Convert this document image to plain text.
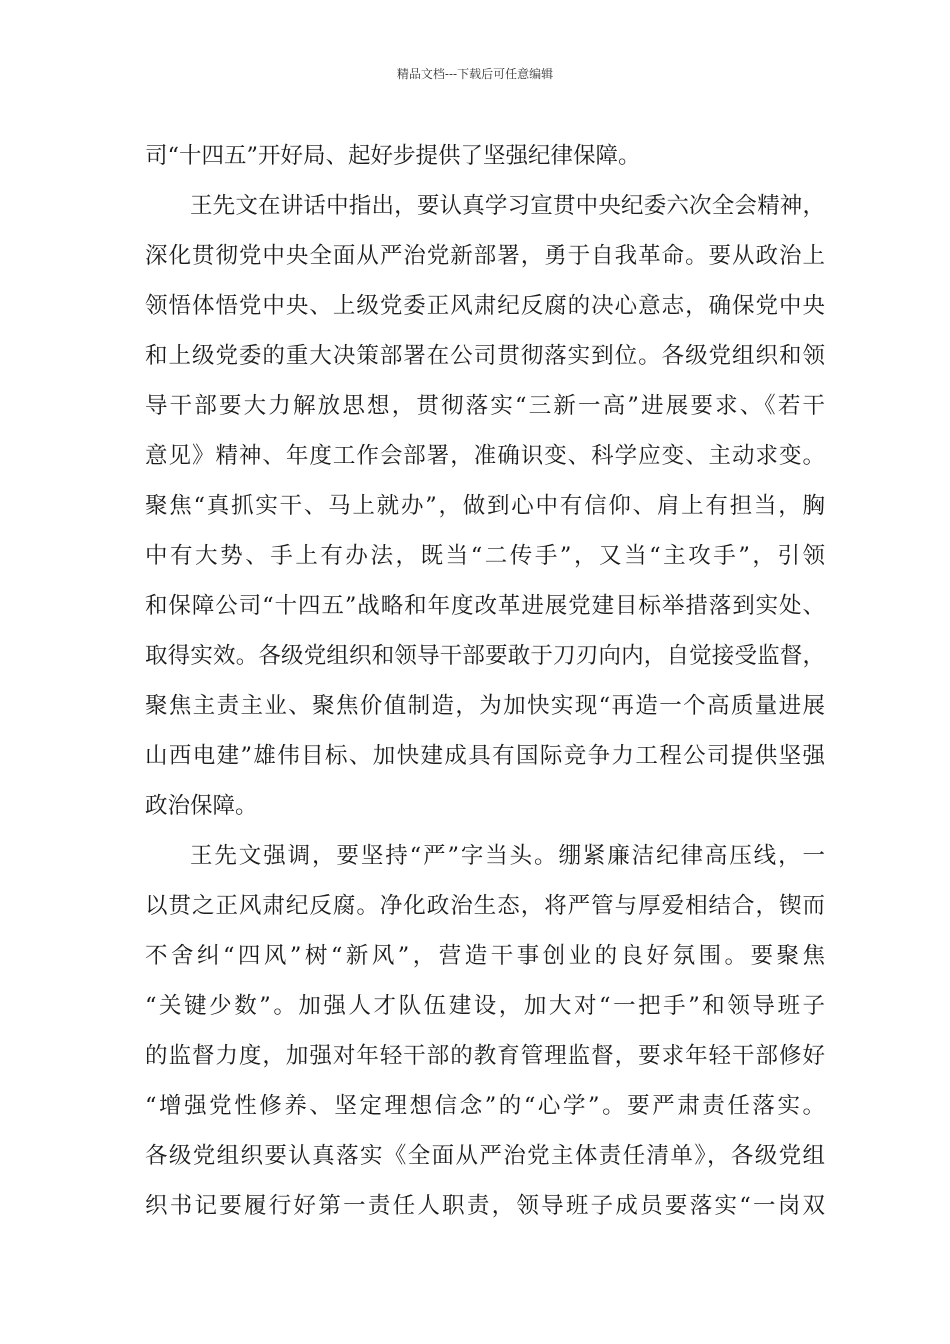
精品文档---下载后可任意编辑
司“十四五”开好局、起好步提供了坚强纪律保障。
王先文在讲话中指出，要认真学习宣贯中央纪委六次全会精神，
深化贯彻党中央全面从严治党新部署，勇于自我革命。要从政治上
领悟体悟党中央、上级党委正风肃纪反腐的决心意志，确保党中央
和上级党委的重大决策部署在公司贯彻落实到位。各级党组织和领
导干部要大力解放思想，贯彻落实“三新一高”进展要求、《若干
意见》精神、年度工作会部署，准确识变、科学应变、主动求变。
聚焦“真抓实干、马上就办”，做到心中有信仰、肩上有担当，胸
中有大势、手上有办法，既当“二传手”，又当“主攻手”，引领
和保障公司“十四五”战略和年度改革进展党建目标举措落到实处、
取得实效。各级党组织和领导干部要敢于刀刃向内，自觉接受监督，
聚焦主责主业、聚焦价值制造，为加快实现“再造一个高质量进展
山西电建”雄伟目标、加快建成具有国际竞争力工程公司提供坚强
政治保障。
王先文强调，要坚持“严”字当头。绷紧廉洁纪律高压线，一
以贯之正风肃纪反腐。净化政治生态，将严管与厚爱相结合，锲而
不舍纠“四风”树“新风”，营造干事创业的良好氛围。要聚焦
“关键少数”。加强人才队伍建设，加大对“一把手”和领导班子
的监督力度，加强对年轻干部的教育管理监督，要求年轻干部修好
“增强党性修养、坚定理想信念”的“心学”。要严肃责任落实。
各级党组织要认真落实《全面从严治党主体责任清单》，各级党组
织书记要履行好第一责任人职责，领导班子成员要落实“一岗双
